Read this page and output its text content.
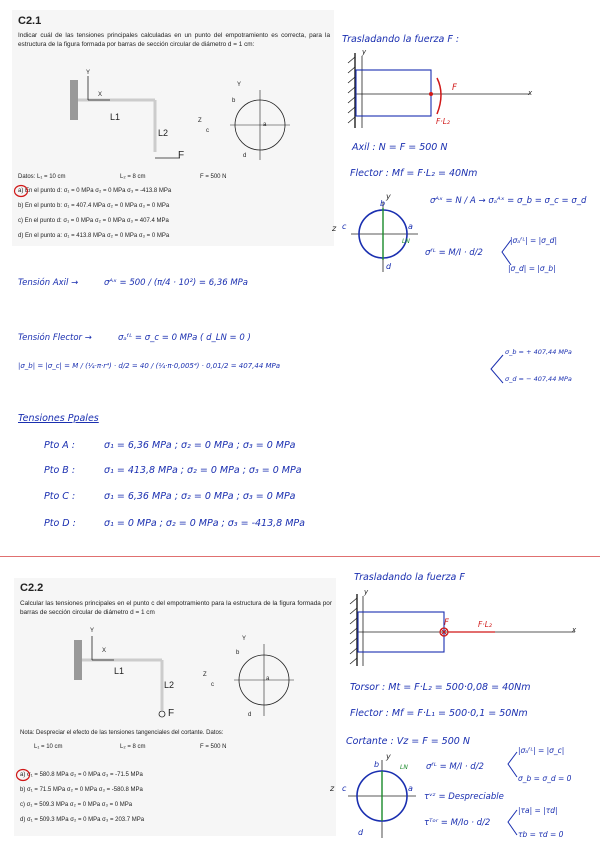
C2.1
Indicar cuál de las tensiones principales calculadas en un punto del empotramiento es correcta, para la estructura de la figura formada por barras de sección circular de diámetro d = 1 cm:
Y
X
L1
L2
F
Z
Y
b
a
c
d
Datos: L₁ = 10 cm	L₂ = 8 cm	F = 500 N
a) En el punto d: σ₁ = 0 MPa σ₂ = 0 MPa σ₃ = -413.8 MPa
b) En el punto b: σ₁ = 407.4 MPa σ₂ = 0 MPa σ₃ = 0 MPa
c) En el punto d: σ₁ = 0 MPa σ₂ = 0 MPa σ₃ = 407.4 MPa
d) En el punto a: σ₁ = 413.8 MPa σ₂ = 0 MPa σ₃ = 0 MPa
Trasladando la fuerza F :
y
x
F
F·L₂
Axil : N = F = 500 N
Flector : Mf = F·L₂ = 40Nm
σᴬˣ = N / A → σₐᴬˣ = σ_b = σ_c = σ_d
z
y
b
c	a
d
LN
σᶠᴸ = M/I · d/2
|σₐᶠᴸ| = |σ_d|
|σ_d| = |σ_b|
Tensión Axil →	σᴬˣ = 500 / (π/4 · 10²) = 6,36 MPa
Tensión Flector →	σₐᶠᴸ = σ_c = 0 MPa ( d_LN = 0 )
|σ_b| = |σ_c| = M / (¼·π·r⁴) · d/2 = 40 / (¼·π·0,005⁴) · 0,01/2 = 407,44 MPa
σ_b = + 407,44 MPa
σ_d = − 407,44 MPa
Tensiones Ppales
Pto A :	σ₁ = 6,36 MPa ; σ₂ = 0 MPa ; σ₃ = 0 MPa
Pto B :	σ₁ = 413,8 MPa ; σ₂ = 0 MPa ; σ₃ = 0 MPa
Pto C :	σ₁ = 6,36 MPa ; σ₂ = 0 MPa ; σ₃ = 0 MPa
Pto D :	σ₁ = 0 MPa ; σ₂ = 0 MPa ; σ₃ = -413,8 MPa
C2.2
Calcular las tensiones principales en el punto c del empotramiento para la estructura de la figura formada por barras de sección circular de diámetro d = 1 cm
Y
X
L1
L2
F
Z
Y
b
a
c
d
Nota: Despreciar el efecto de las tensiones tangenciales del cortante. Datos:
L₁ = 10 cm	L₂ = 8 cm	F = 500 N
a) σ₁ = 580.8 MPa σ₂ = 0 MPa σ₃ = -71.5 MPa
b) σ₁ = 71.5 MPa σ₂ = 0 MPa σ₃ = -580.8 MPa
c) σ₁ = 509.3 MPa σ₂ = 0 MPa σ₃ = 0 MPa
d) σ₁ = 509.3 MPa σ₂ = 0 MPa σ₃ = 203.7 MPa
Trasladando la fuerza F
y
x
F	F·L₂
Torsor : Mt = F·L₂ = 500·0,08 = 40Nm
Flector : Mf = F·L₁ = 500·0,1 = 50Nm
Cortante : Vz = F = 500 N
z
y
b
c	a
d
LN σᶠᴸ = M/I · d/2
|σₐᶠᴸ| = |σ_c|
σ_b = σ_d = 0
τᵛᶻ = Despreciable
τᵀᵒʳ = M/Io · d/2
|τa| = |τd|
τb = τd = 0
